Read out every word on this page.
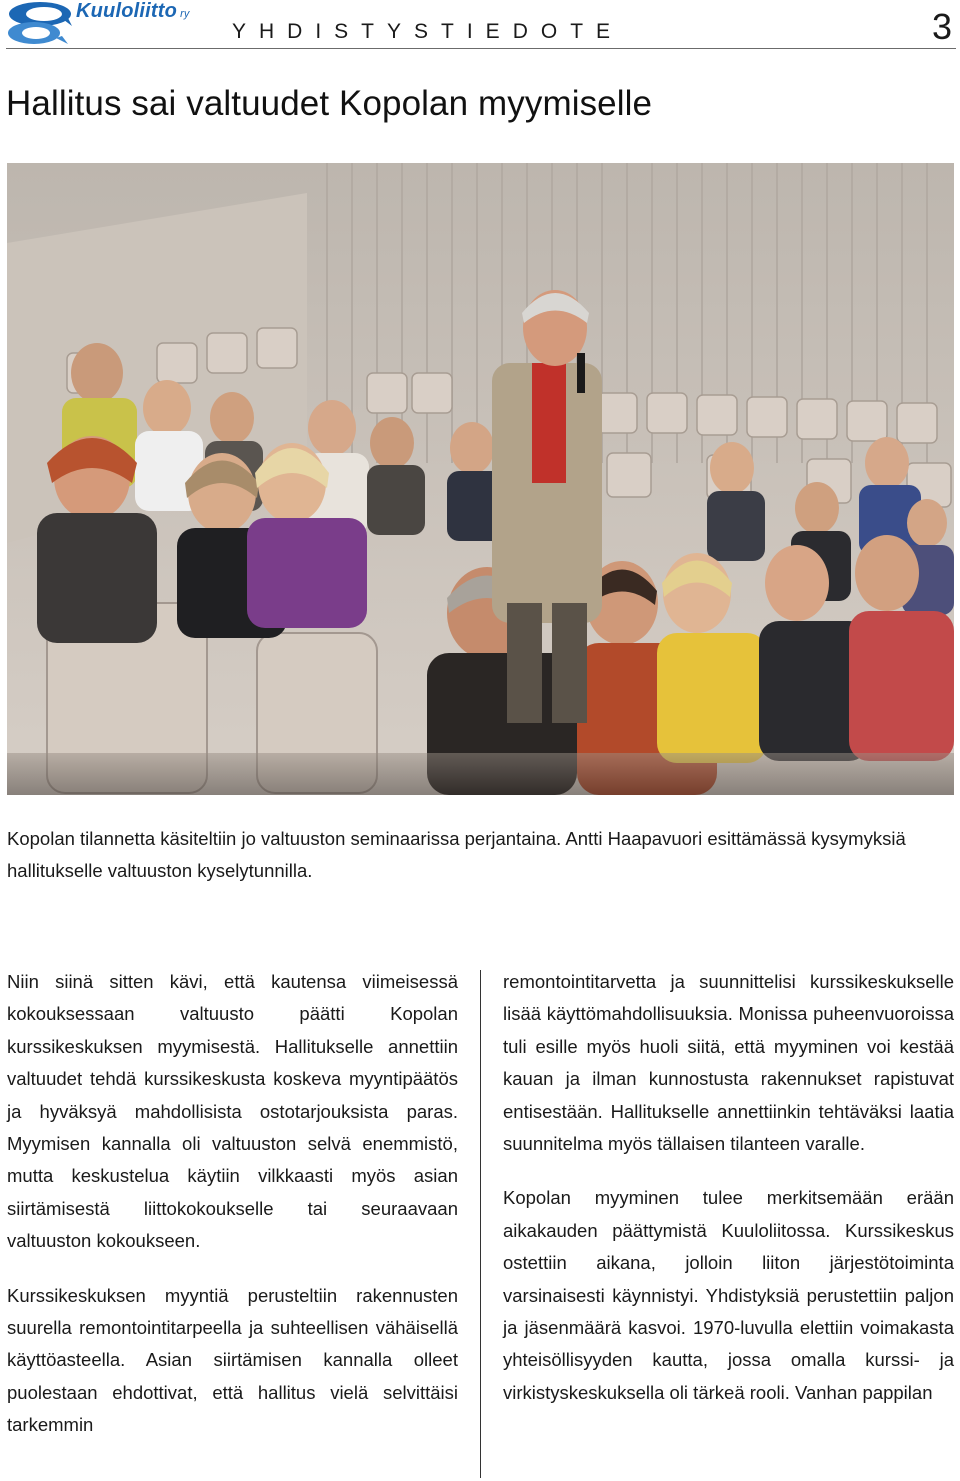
Kuuloliitto ry
YHDISTYSTIEDOTE	3
Hallitus sai valtuudet Kopolan myymiselle

Kopolan tilannetta käsiteltiin jo valtuuston seminaarissa perjantaina. Antti Haapavuori esittämässä kysymyksiä hallitukselle valtuuston kyselytunnilla.

Niin siinä sitten kävi, että kautensa viimeisessä kokouksessaan valtuusto päätti Kopolan kurssikeskuksen myymisestä. Hallitukselle annettiin valtuudet tehdä kurssikeskusta koskeva myyntipäätös ja hyväksyä mahdollisista ostotarjouksista paras. Myymisen kannalla oli valtuuston selvä enemmistö, mutta keskustelua käytiin vilkkaasti myös asian siirtämisestä liittokokoukselle tai seuraavaan valtuuston kokoukseen.

Kurssikeskuksen myyntiä perusteltiin rakennusten suurella remontointitarpeella ja suhteellisen vähäisellä käyttöasteella. Asian siirtämisen kannalla olleet puolestaan ehdottivat, että hallitus vielä selvittäisi tarkemmin

remontointitarvetta ja suunnittelisi kurssikeskukselle lisää käyttömahdollisuuksia. Monissa puheenvuoroissa tuli esille myös huoli siitä, että myyminen voi kestää kauan ja ilman kunnostusta rakennukset rapistuvat entisestään. Hallitukselle annettiinkin tehtäväksi laatia suunnitelma myös tällaisen tilanteen varalle.

Kopolan myyminen tulee merkitsemään erään aikakauden päättymistä Kuuloliitossa. Kurssikeskus ostettiin aikana, jolloin liiton järjestötoiminta varsinaisesti käynnistyi. Yhdistyksiä perustettiin paljon ja jäsenmäärä kasvoi. 1970-luvulla elettiin voimakasta yhteisöllisyyden kautta, jossa omalla kurssi- ja virkistyskeskuksella oli tärkeä rooli. Vanhan pappilan
